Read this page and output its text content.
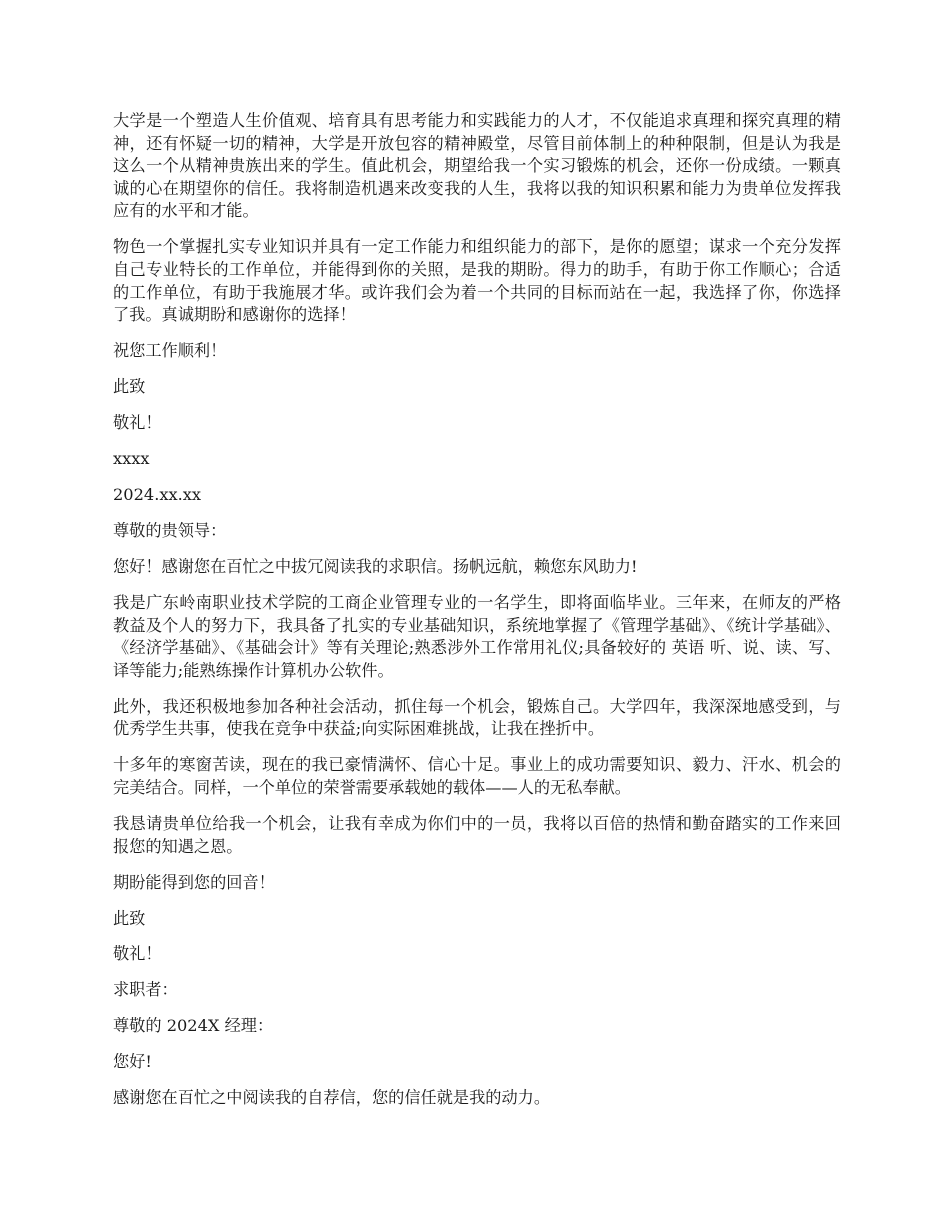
大学是一个塑造人生价值观、培育具有思考能力和实践能力的人才，不仅能追求真理和探究真理的精神，还有怀疑一切的精神，大学是开放包容的精神殿堂，尽管目前体制上的种种限制，但是认为我是这么一个从精神贵族出来的学生。值此机会，期望给我一个实习锻炼的机会，还你一份成绩。一颗真诚的心在期望你的信任。我将制造机遇来改变我的人生，我将以我的知识积累和能力为贵单位发挥我应有的水平和才能。

物色一个掌握扎实专业知识并具有一定工作能力和组织能力的部下，是你的愿望；谋求一个充分发挥自己专业特长的工作单位，并能得到你的关照，是我的期盼。得力的助手，有助于你工作顺心；合适的工作单位，有助于我施展才华。或许我们会为着一个共同的目标而站在一起，我选择了你，你选择了我。真诚期盼和感谢你的选择！

祝您工作顺利！

此致

敬礼！

xxxx

2024.xx.xx

尊敬的贵领导：

您好！感谢您在百忙之中拔冗阅读我的求职信。扬帆远航，赖您东风助力!

我是广东岭南职业技术学院的工商企业管理专业的一名学生，即将面临毕业。三年来，在师友的严格教益及个人的努力下，我具备了扎实的专业基础知识，系统地掌握了《管理学基础》、《统计学基础》、《经济学基础》、《基础会计》等有关理论;熟悉涉外工作常用礼仪;具备较好的 英语 听、说、读、写、译等能力;能熟练操作计算机办公软件。

此外，我还积极地参加各种社会活动，抓住每一个机会，锻炼自己。大学四年，我深深地感受到，与优秀学生共事，使我在竞争中获益;向实际困难挑战，让我在挫折中。

十多年的寒窗苦读，现在的我已豪情满怀、信心十足。事业上的成功需要知识、毅力、汗水、机会的完美结合。同样，一个单位的荣誉需要承载她的载体——人的无私奉献。

我恳请贵单位给我一个机会，让我有幸成为你们中的一员，我将以百倍的热情和勤奋踏实的工作来回报您的知遇之恩。

期盼能得到您的回音！

此致

敬礼！

求职者：

尊敬的 2024X 经理：

您好!

感谢您在百忙之中阅读我的自荐信，您的信任就是我的动力。
